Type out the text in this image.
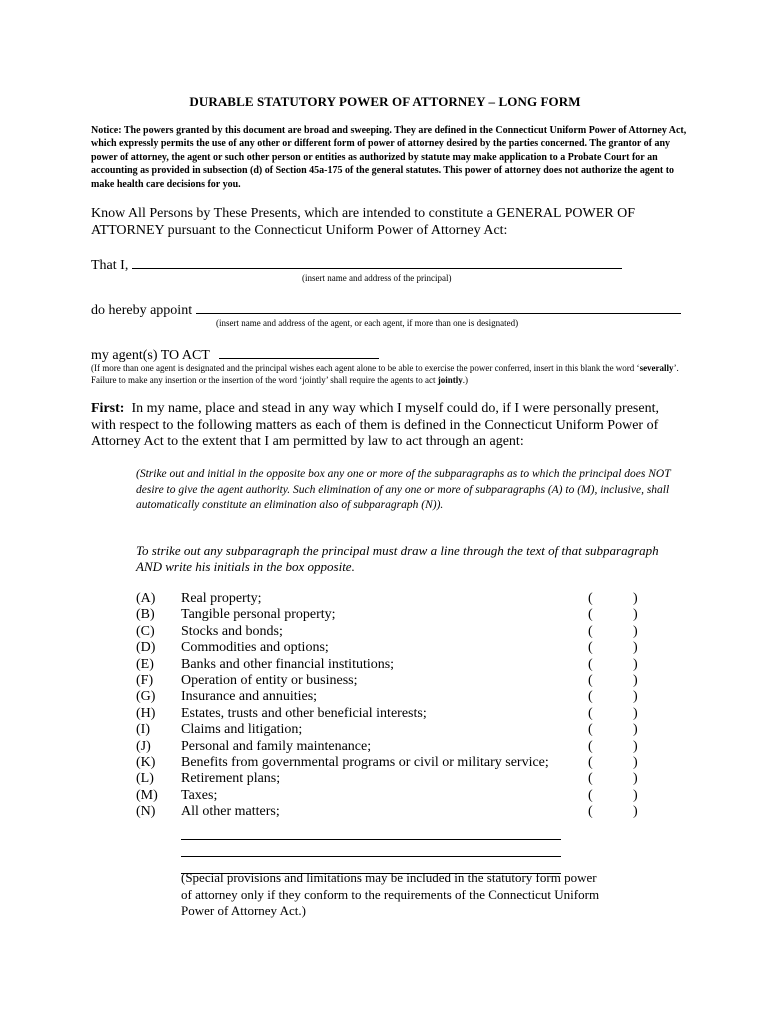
DURABLE STATUTORY POWER OF ATTORNEY – LONG FORM
Notice: The powers granted by this document are broad and sweeping. They are defined in the Connecticut Uniform Power of Attorney Act, which expressly permits the use of any other or different form of power of attorney desired by the parties concerned. The grantor of any power of attorney, the agent or such other person or entities as authorized by statute may make application to a Probate Court for an accounting as provided in subsection (d) of Section 45a-175 of the general statutes. This power of attorney does not authorize the agent to make health care decisions for you.
Know All Persons by These Presents, which are intended to constitute a GENERAL POWER OF ATTORNEY pursuant to the Connecticut Uniform Power of Attorney Act:
That I,
(insert name and address of the principal)
do hereby appoint
(insert name and address of the agent, or each agent, if more than one is designated)
my agent(s) TO ACT
(If more than one agent is designated and the principal wishes each agent alone to be able to exercise the power conferred, insert in this blank the word ‘severally’. Failure to make any insertion or the insertion of the word ‘jointly’ shall require the agents to act jointly.)
First: In my name, place and stead in any way which I myself could do, if I were personally present, with respect to the following matters as each of them is defined in the Connecticut Uniform Power of Attorney Act to the extent that I am permitted by law to act through an agent:
(Strike out and initial in the opposite box any one or more of the subparagraphs as to which the principal does NOT desire to give the agent authority. Such elimination of any one or more of subparagraphs (A) to (M), inclusive, shall automatically constitute an elimination also of subparagraph (N)).
To strike out any subparagraph the principal must draw a line through the text of that subparagraph AND write his initials in the box opposite.
(A) Real property;	(	)
(B) Tangible personal property;	(	)
(C) Stocks and bonds;	(	)
(D) Commodities and options;	(	)
(E) Banks and other financial institutions;	(	)
(F) Operation of entity or business;	(	)
(G) Insurance and annuities;	(	)
(H) Estates, trusts and other beneficial interests;	(	)
(I) Claims and litigation;	(	)
(J) Personal and family maintenance;	(	)
(K) Benefits from governmental programs or civil or military service;	(	)
(L) Retirement plans;	(	)
(M) Taxes;	(	)
(N) All other matters;	(	)
(Special provisions and limitations may be included in the statutory form power of attorney only if they conform to the requirements of the Connecticut Uniform Power of Attorney Act.)
